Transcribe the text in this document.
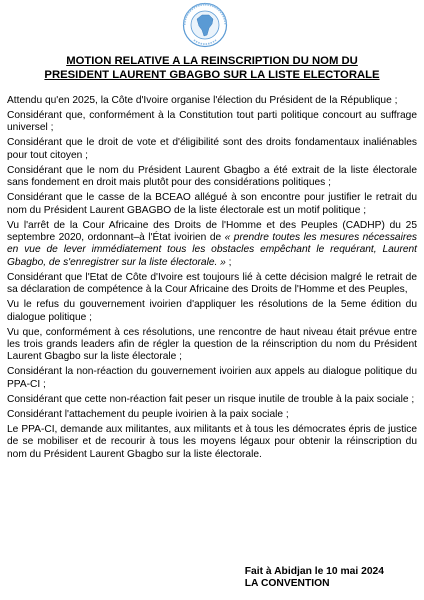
MOTION RELATIVE A LA REINSCRIPTION DU NOM DU
PRESIDENT LAURENT GBAGBO SUR LA LISTE ELECTORALE

Attendu qu'en 2025, la Côte d'Ivoire organise l'élection du Président de la République ;

Considérant que, conformément à la Constitution tout parti politique concourt au suffrage universel ;

Considérant que le droit de vote et d'éligibilité sont des droits fondamentaux inaliénables pour tout citoyen ;

Considérant que le nom du Président Laurent Gbagbo a été extrait de la liste électorale sans fondement en droit mais plutôt pour des considérations politiques ;

Considérant que le casse de la BCEAO allégué à son encontre pour justifier le retrait du nom du Président Laurent GBAGBO de la liste électorale est un motif politique ;

Vu l'arrêt de la Cour Africaine des Droits de l'Homme et des Peuples (CADHP) du 25 septembre 2020, ordonnant–à l'État ivoirien de « prendre toutes les mesures nécessaires en vue de lever immédiatement tous les obstacles empêchant le requérant, Laurent Gbagbo, de s'enregistrer sur la liste électorale. » ;

Considérant que l'Etat de Côte d'Ivoire est toujours lié à cette décision malgré le retrait de sa déclaration de compétence à la Cour Africaine des Droits de l'Homme et des Peuples,

Vu le refus du gouvernement ivoirien d'appliquer les résolutions de la 5eme édition du dialogue politique ;

Vu que, conformément à ces résolutions, une rencontre de haut niveau était prévue entre les trois grands leaders afin de régler la question de la réinscription du nom du Président Laurent Gbagbo sur la liste électorale ;

Considérant la non-réaction du gouvernement ivoirien aux appels au dialogue politique du PPA-CI ;

Considérant que cette non-réaction fait peser un risque inutile de trouble à la paix sociale ;

Considérant l'attachement du peuple ivoirien à la paix sociale ;

Le PPA-CI, demande aux militantes, aux militants et à tous les démocrates épris de justice de se mobiliser et de recourir à tous les moyens légaux pour obtenir la réinscription du nom du Président Laurent Gbagbo sur la liste électorale.

Fait à Abidjan le 10 mai 2024
LA CONVENTION
